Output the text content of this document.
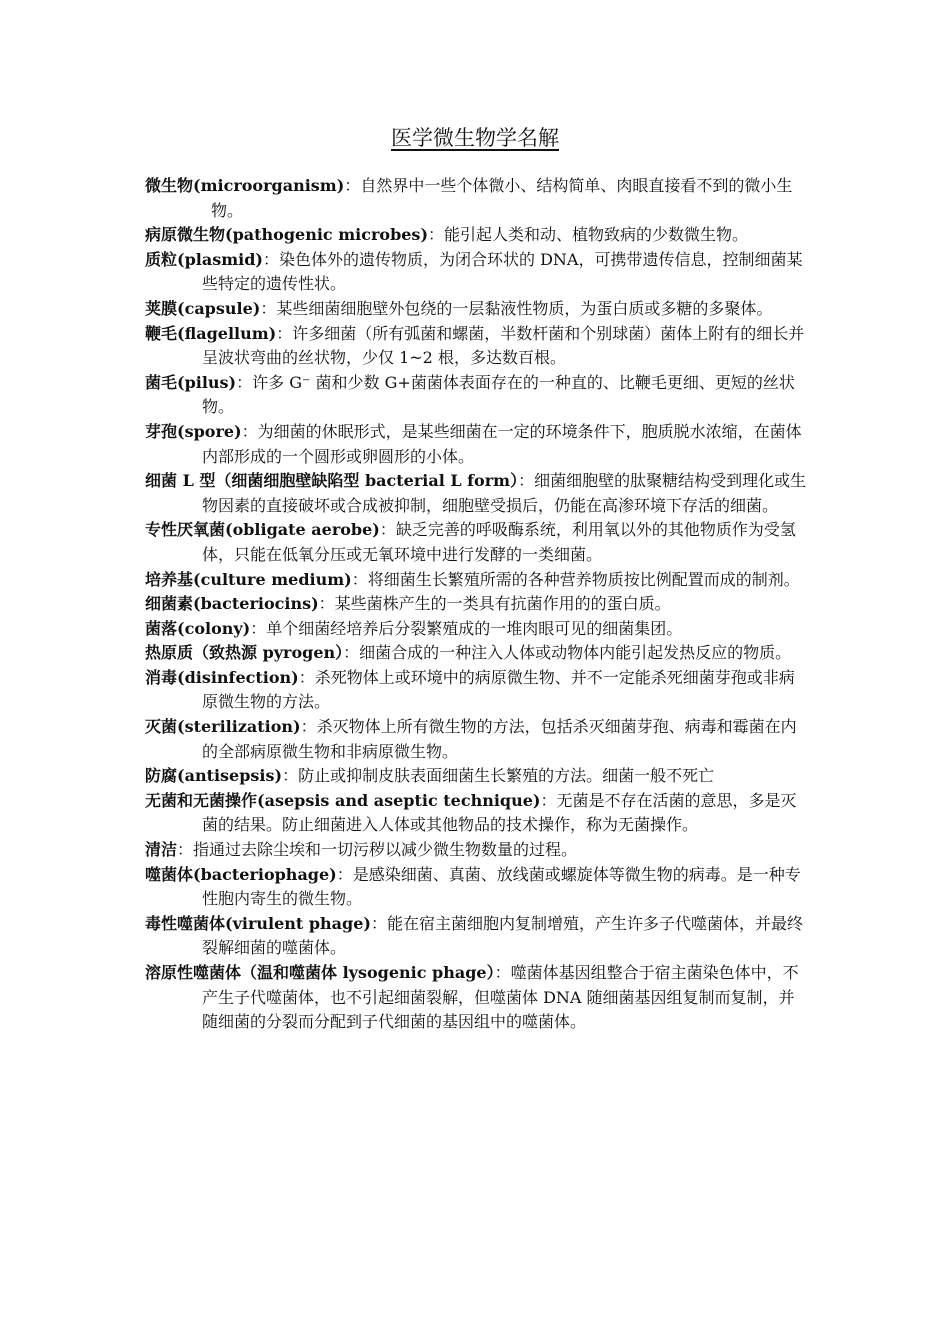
医学微生物学名解

微生物(microorganism)：自然界中一些个体微小、结构简单、肉眼直接看不到的微小生物。

病原微生物(pathogenic microbes)：能引起人类和动、植物致病的少数微生物。

质粒(plasmid)：染色体外的遗传物质，为闭合环状的 DNA，可携带遗传信息，控制细菌某些特定的遗传性状。

荚膜(capsule)：某些细菌细胞壁外包绕的一层黏液性物质，为蛋白质或多糖的多聚体。

鞭毛(flagellum)：许多细菌（所有弧菌和螺菌，半数杆菌和个别球菌）菌体上附有的细长并呈波状弯曲的丝状物，少仅 1~2 根，多达数百根。

菌毛(pilus)：许多 G⁻ 菌和少数 G+菌菌体表面存在的一种直的、比鞭毛更细、更短的丝状物。

芽孢(spore)：为细菌的休眠形式，是某些细菌在一定的环境条件下，胞质脱水浓缩，在菌体内部形成的一个圆形或卵圆形的小体。

细菌 L 型（细菌细胞壁缺陷型 bacterial L form）：细菌细胞壁的肽聚糖结构受到理化或生物因素的直接破坏或合成被抑制，细胞壁受损后，仍能在高渗环境下存活的细菌。

专性厌氧菌(obligate aerobe)：缺乏完善的呼吸酶系统，利用氧以外的其他物质作为受氢体，只能在低氧分压或无氧环境中进行发酵的一类细菌。

培养基(culture medium)：将细菌生长繁殖所需的各种营养物质按比例配置而成的制剂。

细菌素(bacteriocins)：某些菌株产生的一类具有抗菌作用的的蛋白质。

菌落(colony)：单个细菌经培养后分裂繁殖成的一堆肉眼可见的细菌集团。

热原质（致热源 pyrogen）：细菌合成的一种注入人体或动物体内能引起发热反应的物质。

消毒(disinfection)：杀死物体上或环境中的病原微生物、并不一定能杀死细菌芽孢或非病原微生物的方法。

灭菌(sterilization)：杀灭物体上所有微生物的方法，包括杀灭细菌芽孢、病毒和霉菌在内的全部病原微生物和非病原微生物。

防腐(antisepsis)：防止或抑制皮肤表面细菌生长繁殖的方法。细菌一般不死亡

无菌和无菌操作(asepsis and aseptic technique)：无菌是不存在活菌的意思，多是灭菌的结果。防止细菌进入人体或其他物品的技术操作，称为无菌操作。

清洁：指通过去除尘埃和一切污秽以减少微生物数量的过程。

噬菌体(bacteriophage)：是感染细菌、真菌、放线菌或螺旋体等微生物的病毒。是一种专性胞内寄生的微生物。

毒性噬菌体(virulent phage)：能在宿主菌细胞内复制增殖，产生许多子代噬菌体，并最终裂解细菌的噬菌体。

溶原性噬菌体（温和噬菌体 lysogenic phage）：噬菌体基因组整合于宿主菌染色体中，不产生子代噬菌体，也不引起细菌裂解，但噬菌体 DNA 随细菌基因组复制而复制，并随细菌的分裂而分配到子代细菌的基因组中的噬菌体。
